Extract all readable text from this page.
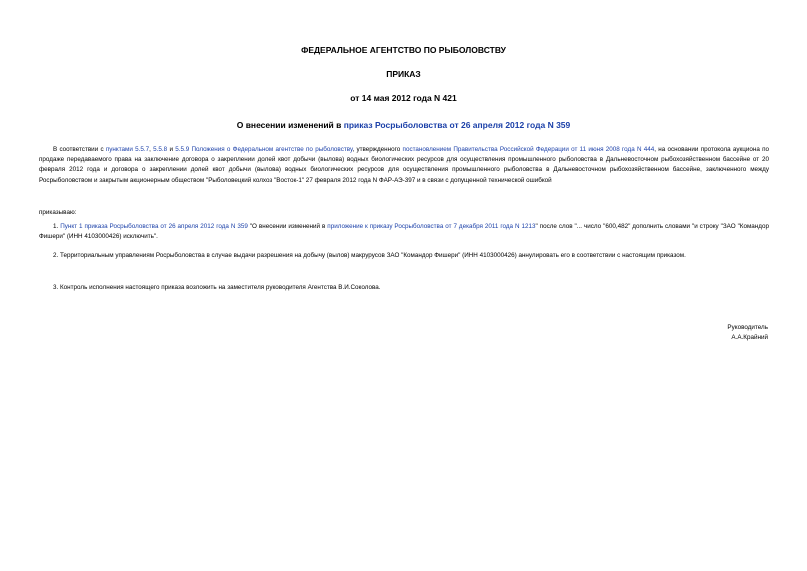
ФЕДЕРАЛЬНОЕ АГЕНТСТВО ПО РЫБОЛОВСТВУ
ПРИКАЗ
от 14 мая 2012 года N 421
О внесении изменений в приказ Росрыболовства от 26 апреля 2012 года N 359
В соответствии с пунктами 5.5.7, 5.5.8 и 5.5.9 Положения о Федеральном агентстве по рыболовству, утвержденного постановлением Правительства Российской Федерации от 11 июня 2008 года N 444, на основании протокола аукциона по продаже передаваемого права на заключение договора о закреплении долей квот добычи (вылова) водных биологических ресурсов для осуществления промышленного рыболовства в Дальневосточном рыбохозяйственном бассейне от 20 февраля 2012 года и договора о закреплении долей квот добычи (вылова) водных биологических ресурсов для осуществления промышленного рыболовства в Дальневосточном рыбохозяйственном бассейне, заключенного между Росрыболовством и закрытым акционерным обществом "Рыболовецкий колхоз "Восток-1" 27 февраля 2012 года N ФАР-АЭ-397 и в связи с допущенной технической ошибкой
приказываю:
1. Пункт 1 приказа Росрыболовства от 26 апреля 2012 года N 359 "О внесении изменений в приложение к приказу Росрыболовства от 7 декабря 2011 года N 1213" после слов "... число "600,482" дополнить словами "и строку "ЗАО "Командор Фишери" (ИНН 4103000426) исключить".
2. Территориальным управлениям Росрыболовства в случае выдачи разрешения на добычу (вылов) макрурусов ЗАО "Командор Фишери" (ИНН 4103000426) аннулировать его в соответствии с настоящим приказом.
3. Контроль исполнения настоящего приказа возложить на заместителя руководителя Агентства В.И.Соколова.
Руководитель
А.А.Крайний
